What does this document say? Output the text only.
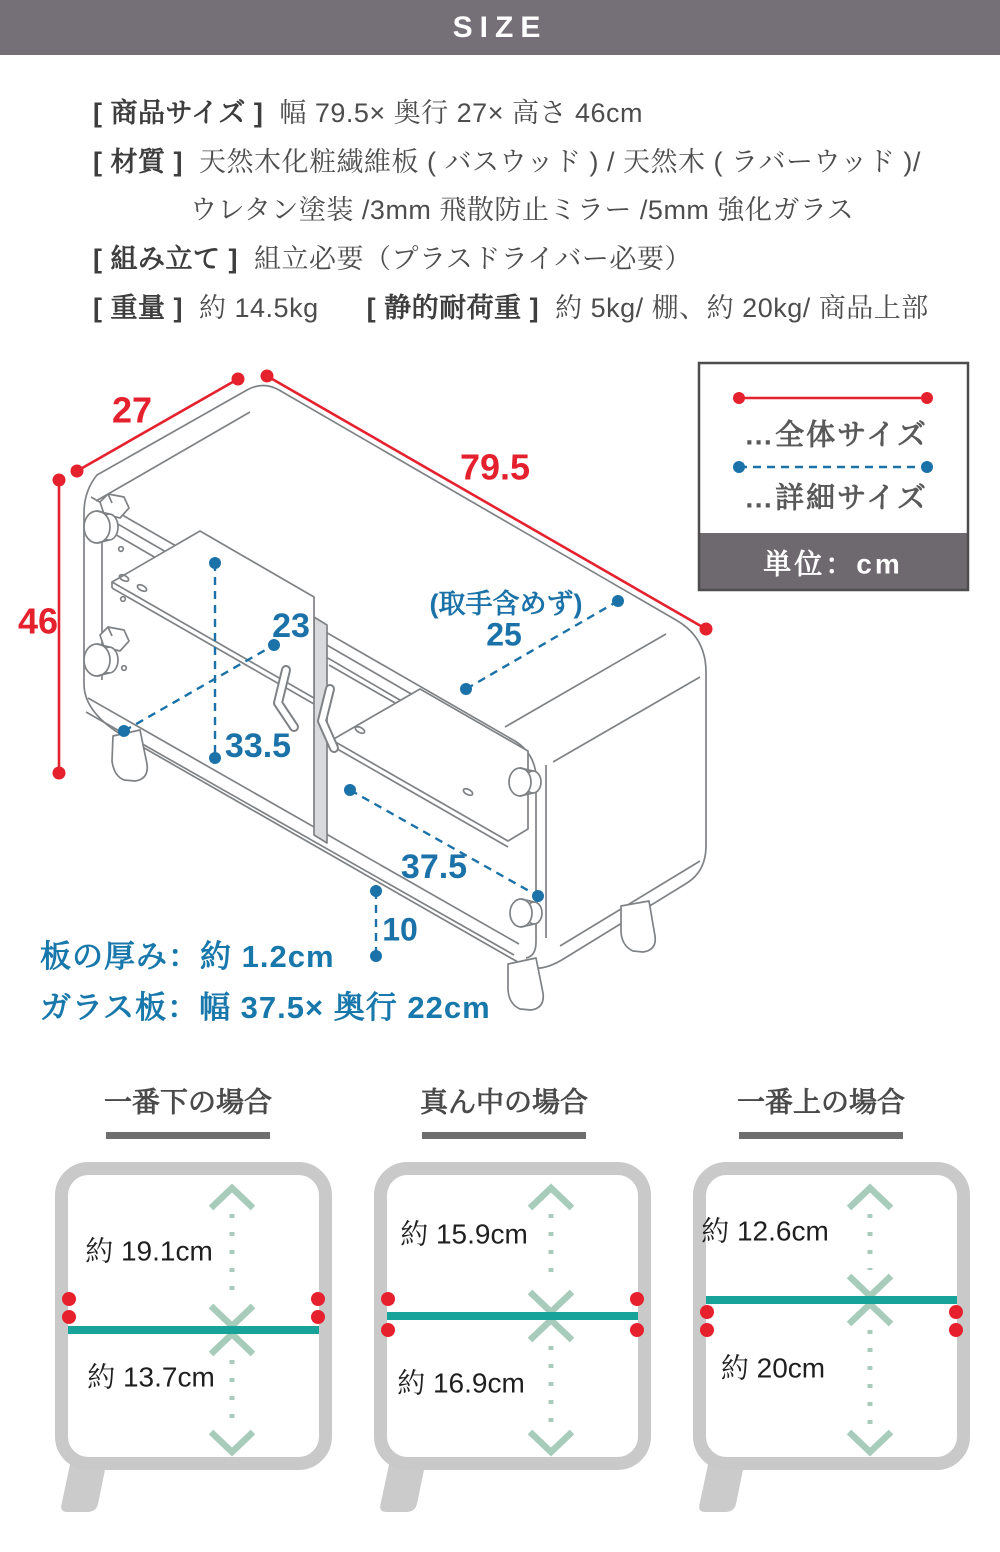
SIZE
[ 商品サイズ ] 幅 79.5× 奥行 27× 高さ 46cm
[ 材質 ] 天然木化粧繊維板 ( バスウッド ) / 天然木 ( ラバーウッド )/
ウレタン塗装 /3mm 飛散防止ミラー /5mm 強化ガラス
[ 組み立て ] 組立必要（プラスドライバー必要）
[ 重量 ] 約 14.5kg [ 静的耐荷重 ] 約 5kg/ 棚、約 20kg/ 商品上部
27
79.5
46	(取手含めず)
25
23
33.5
37.5
10
板の厚み：約 1.2cm
ガラス板：幅 37.5× 奥行 22cm
…全体サイズ
…詳細サイズ
単位：cm
一番下の場合
約 19.1cm
約 13.7cm
真ん中の場合
約 15.9cm
約 16.9cm
一番上の場合
約 12.6cm
約 20cm
